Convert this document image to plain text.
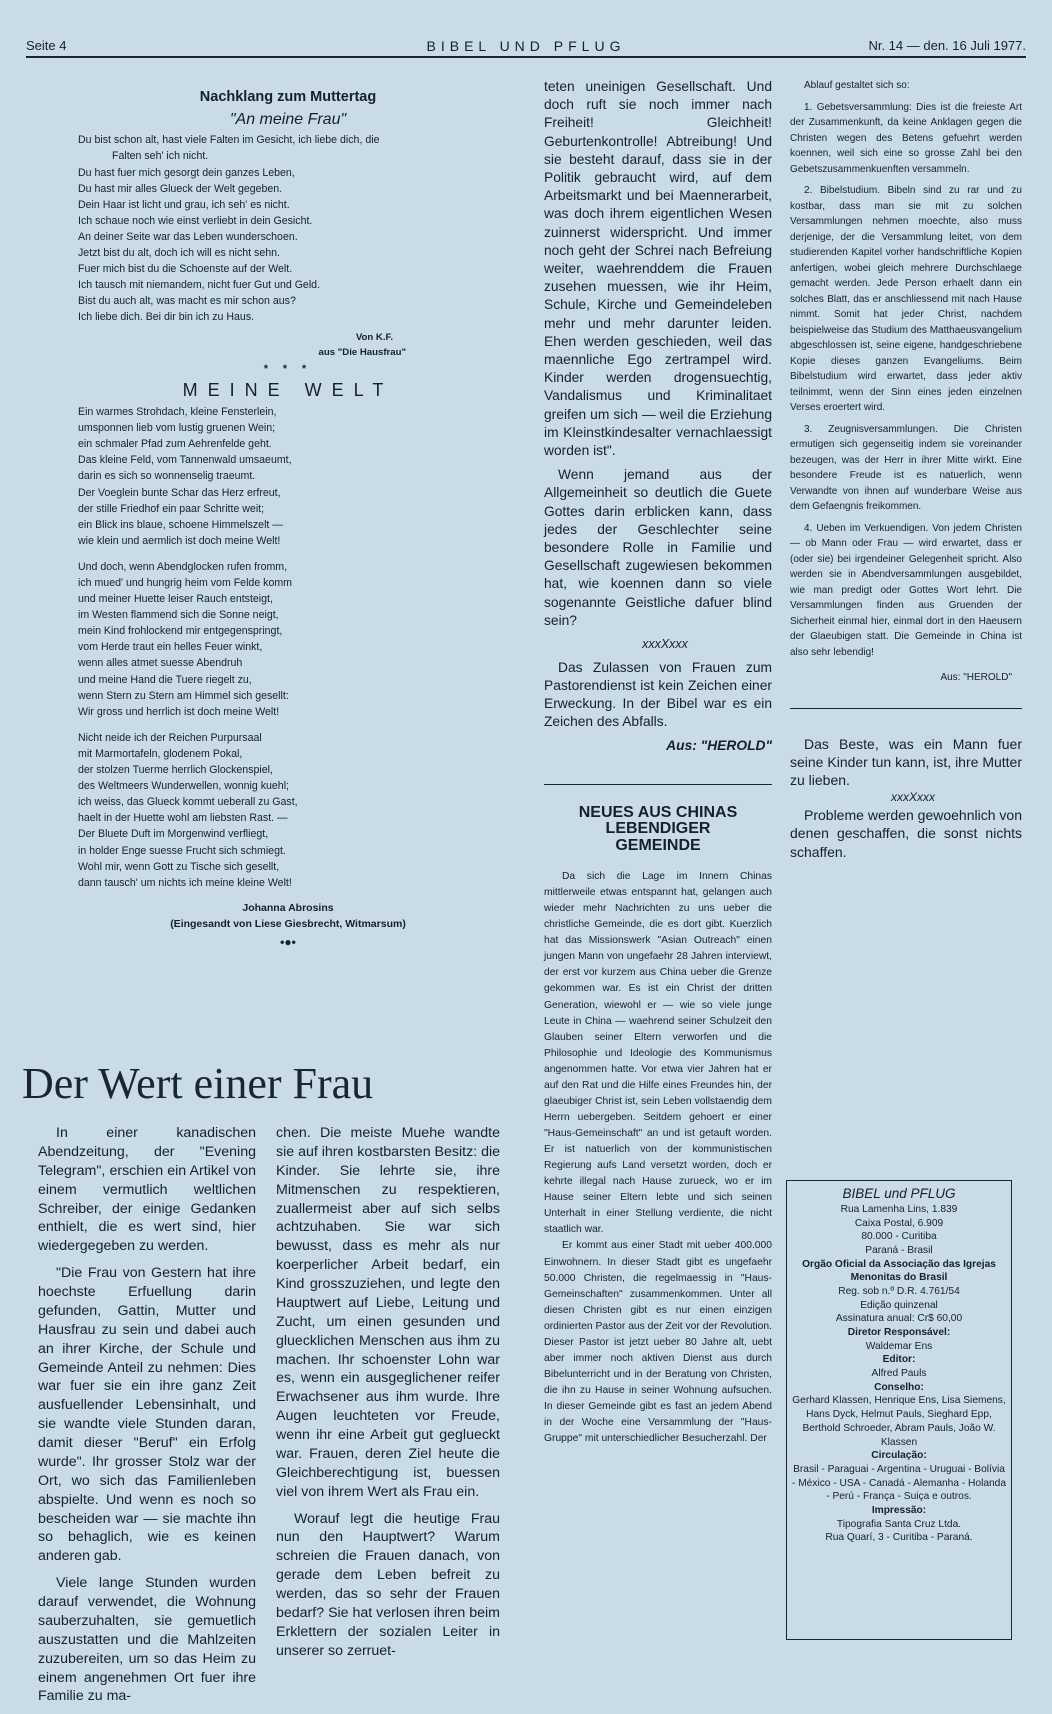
Seite 4	BIBEL UND PFLUG	Nr. 14 — den. 16 Juli 1977.

Nachklang zum Muttertag

"An meine Frau"

Du bist schon alt, hast viele Falten im Gesicht, ich liebe dich, die

Falten seh' ich nicht.

Du hast fuer mich gesorgt dein ganzes Leben,

Du hast mir alles Glueck der Welt gegeben.

Dein Haar ist licht und grau, ich seh' es nicht.

Ich schaue noch wie einst verliebt in dein Gesicht.

An deiner Seite war das Leben wunderschoen.

Jetzt bist du alt, doch ich will es nicht sehn.

Fuer mich bist du die Schoenste auf der Welt.

Ich tausch mit niemandem, nicht fuer Gut und Geld.

Bist du auch alt, was macht es mir schon aus?

Ich liebe dich. Bei dir bin ich zu Haus.

Von K.F.

aus "Die Hausfrau"

* * *

MEINE WELT

Ein warmes Strohdach, kleine Fensterlein,

umsponnen lieb vom lustig gruenen Wein;

ein schmaler Pfad zum Aehrenfelde geht.

Das kleine Feld, vom Tannenwald umsaeumt,

darin es sich so wonnenselig traeumt.

Der Voeglein bunte Schar das Herz erfreut,

der stille Friedhof ein paar Schritte weit;

ein Blick ins blaue, schoene Himmelszelt —

wie klein und aermlich ist doch meine Welt!

Und doch, wenn Abendglocken rufen fromm,

ich mued' und hungrig heim vom Felde komm

und meiner Huette leiser Rauch entsteigt,

im Westen flammend sich die Sonne neigt,

mein Kind frohlockend mir entgegenspringt,

vom Herde traut ein helles Feuer winkt,

wenn alles atmet suesse Abendruh

und meine Hand die Tuere riegelt zu,

wenn Stern zu Stern am Himmel sich gesellt:

Wir gross und herrlich ist doch meine Welt!

Nicht neide ich der Reichen Purpursaal

mit Marmortafeln, glodenem Pokal,

der stolzen Tuerme herrlich Glockenspiel,

des Weltmeers Wunderwellen, wonnig kuehl;

ich weiss, das Glueck kommt ueberall zu Gast,

haelt in der Huette wohl am liebsten Rast. —

Der Bluete Duft im Morgenwind verfliegt,

in holder Enge suesse Frucht sich schmiegt.

Wohl mir, wenn Gott zu Tische sich gesellt,

dann tausch' um nichts ich meine kleine Welt!

Johanna Abrosins

(Eingesandt von Liese Giesbrecht, Witmarsum)

•●•

Der Wert einer Frau

In einer kanadischen Abendzeitung, der "Evening Telegram", erschien ein Artikel von einem vermutlich weltlichen Schreiber, der einige Gedanken enthielt, die es wert sind, hier wiedergegeben zu werden.

"Die Frau von Gestern hat ihre hoechste Erfuellung darin gefunden, Gattin, Mutter und Hausfrau zu sein und dabei auch an ihrer Kirche, der Schule und Gemeinde Anteil zu nehmen: Dies war fuer sie ein ihre ganz Zeit ausfuellender Lebensinhalt, und sie wandte viele Stunden daran, damit dieser "Beruf" ein Erfolg wurde". Ihr grosser Stolz war der Ort, wo sich das Familienleben abspielte. Und wenn es noch so bescheiden war — sie machte ihn so behaglich, wie es keinen anderen gab.

Viele lange Stunden wurden darauf verwendet, die Wohnung sauberzuhalten, sie gemuetlich auszustatten und die Mahlzeiten zuzubereiten, um so das Heim zu einem angenehmen Ort fuer ihre Familie zu ma-

chen. Die meiste Muehe wandte sie auf ihren kostbarsten Besitz: die Kinder. Sie lehrte sie, ihre Mitmenschen zu respektieren, zuallermeist aber auf sich selbs achtzuhaben. Sie war sich bewusst, dass es mehr als nur koerperlicher Arbeit bedarf, ein Kind grosszuziehen, und legte den Hauptwert auf Liebe, Leitung und Zucht, um einen gesunden und gluecklichen Menschen aus ihm zu machen. Ihr schoenster Lohn war es, wenn ein ausgeglichener reifer Erwachsener aus ihm wurde. Ihre Augen leuchteten vor Freude, wenn ihr eine Arbeit gut geglueckt war. Frauen, deren Ziel heute die Gleichberechtigung ist, buessen viel von ihrem Wert als Frau ein.

Worauf legt die heutige Frau nun den Hauptwert? Warum schreien die Frauen danach, von gerade dem Leben befreit zu werden, das so sehr der Frauen bedarf? Sie hat verlosen ihren beim Erklettern der sozialen Leiter in unserer so zerruet-

teten uneinigen Gesellschaft. Und doch ruft sie noch immer nach Freiheit! Gleichheit! Geburtenkontrolle! Abtreibung! Und sie besteht darauf, dass sie in der Politik gebraucht wird, auf dem Arbeitsmarkt und bei Maennerarbeit, was doch ihrem eigentlichen Wesen zuinnerst widerspricht. Und immer noch geht der Schrei nach Befreiung weiter, waehrenddem die Frauen zusehen muessen, wie ihr Heim, Schule, Kirche und Gemeindeleben mehr und mehr darunter leiden. Ehen werden geschieden, weil das maennliche Ego zertrampel wird. Kinder werden drogensuechtig, Vandalismus und Kriminalitaet greifen um sich — weil die Erziehung im Kleinstkindesalter vernachlaessigt worden ist".

Wenn jemand aus der Allgemeinheit so deutlich die Guete Gottes darin erblicken kann, dass jedes der Geschlechter seine besondere Rolle in Familie und Gesellschaft zugewiesen bekommen hat, wie koennen dann so viele sogenannte Geistliche dafuer blind sein?

xxxXxxx

Das Zulassen von Frauen zum Pastorendienst ist kein Zeichen einer Erweckung. In der Bibel war es ein Zeichen des Abfalls.

Aus: "HEROLD"

NEUES AUS CHINAS
LEBENDIGER
GEMEINDE

Da sich die Lage im Innern Chinas mittlerweile etwas entspannt hat, gelangen auch wieder mehr Nachrichten zu uns ueber die christliche Gemeinde, die es dort gibt. Kuerzlich hat das Missionswerk "Asian Outreach" einen jungen Mann von ungefaehr 28 Jahren interviewt, der erst vor kurzem aus China ueber die Grenze gekommen war. Es ist ein Christ der dritten Generation, wiewohl er — wie so viele junge Leute in China — waehrend seiner Schulzeit den Glauben seiner Eltern verworfen und die Philosophie und Ideologie des Kommunismus angenommen hatte. Vor etwa vier Jahren hat er auf den Rat und die Hilfe eines Freundes hin, der glaeubiger Christ ist, sein Leben vollstaendig dem Herrn uebergeben. Seitdem gehoert er einer "Haus-Gemeinschaft" an und ist getauft worden. Er ist natuerlich von der kommunistischen Regierung aufs Land versetzt worden, doch er kehrte illegal nach Hause zurueck, wo er im Hause seiner Eltern lebte und sich seinen Unterhalt in einer Stellung verdiente, die nicht staatlich war.

Er kommt aus einer Stadt mit ueber 400.000 Einwohnern. In dieser Stadt gibt es ungefaehr 50.000 Christen, die regelmaessig in "Haus-Gemeinschaften" zusammenkommen. Unter all diesen Christen gibt es nur einen einzigen ordinierten Pastor aus der Zeit vor der Revolution. Dieser Pastor ist jetzt ueber 80 Jahre alt, uebt aber immer noch aktiven Dienst aus durch Bibelunterricht und in der Beratung von Christen, die ihn zu Hause in seiner Wohnung aufsuchen. In dieser Gemeinde gibt es fast an jedem Abend in der Woche eine Versammlung der "Haus-Gruppe" mit unterschiedlicher Besucherzahl. Der

Ablauf gestaltet sich so:

1. Gebetsversammlung: Dies ist die freieste Art der Zusammenkunft, da keine Anklagen gegen die Christen wegen des Betens gefuehrt werden koennen, weil sich eine so grosse Zahl bei den Gebetszusammenkuenften versammeln.

2. Bibelstudium. Bibeln sind zu rar und zu kostbar, dass man sie mit zu solchen Versammlungen nehmen moechte, also muss derjenige, der die Versammlung leitet, von dem studierenden Kapitel vorher handschriftliche Kopien anfertigen, wobei gleich mehrere Durchschlaege gemacht werden. Jede Person erhaelt dann ein solches Blatt, das er anschliessend mit nach Hause nimmt. Somit hat jeder Christ, nachdem beispielweise das Studium des Matthaeusvangelium abgeschlossen ist, seine eigene, handgeschriebene Kopie dieses ganzen Evangeliums. Beim Bibelstudium wird erwartet, dass jeder aktiv teilnimmt, wenn der Sinn eines jeden einzelnen Verses eroertert wird.

3. Zeugnisversammlungen. Die Christen ermutigen sich gegenseitig indem sie voreinander bezeugen, was der Herr in ihrer Mitte wirkt. Eine besondere Freude ist es natuerlich, wenn Verwandte von ihnen auf wunderbare Weise aus dem Gefaengnis freikommen.

4. Ueben im Verkuendigen. Von jedem Christen — ob Mann oder Frau — wird erwartet, dass er (oder sie) bei irgendeiner Gelegenheit spricht. Also werden sie in Abendversammlungen ausgebildet, wie man predigt oder Gottes Wort lehrt. Die Versammlungen finden aus Gruenden der Sicherheit einmal hier, einmal dort in den Haeusern der Glaeubigen statt. Die Gemeinde in China ist also sehr lebendig!

Aus: "HEROLD"

Das Beste, was ein Mann fuer seine Kinder tun kann, ist, ihre Mutter zu lieben.

xxxXxxx

Probleme werden gewoehnlich von denen geschaffen, die sonst nichts schaffen.

BIBEL und PFLUG

Rua Lamenha Lins, 1.839

Caixa Postal, 6.909

80.000 - Curitiba

Paraná - Brasil

Orgão Oficial da Associação das Igrejas Menonitas do Brasil

Reg. sob n.º D.R. 4.761/54

Edição quinzenal

Assinatura anual: Cr$ 60,00

Diretor Responsável:

Waldemar Ens

Editor:

Alfred Pauls

Conselho:

Gerhard Klassen, Henrique Ens, Lisa Siemens, Hans Dyck, Helmut Pauls, Sieghard Epp, Berthold Schroeder, Abram Pauls, João W. Klassen

Circulação:

Brasil - Paraguai - Argentina - Uruguai - Bolívia - México - USA - Canadá - Alemanha - Holanda - Perú - França - Suiça e outros.

Impressão:

Tipografia Santa Cruz Ltda.

Rua Quarí, 3 - Curitiba - Paraná.
